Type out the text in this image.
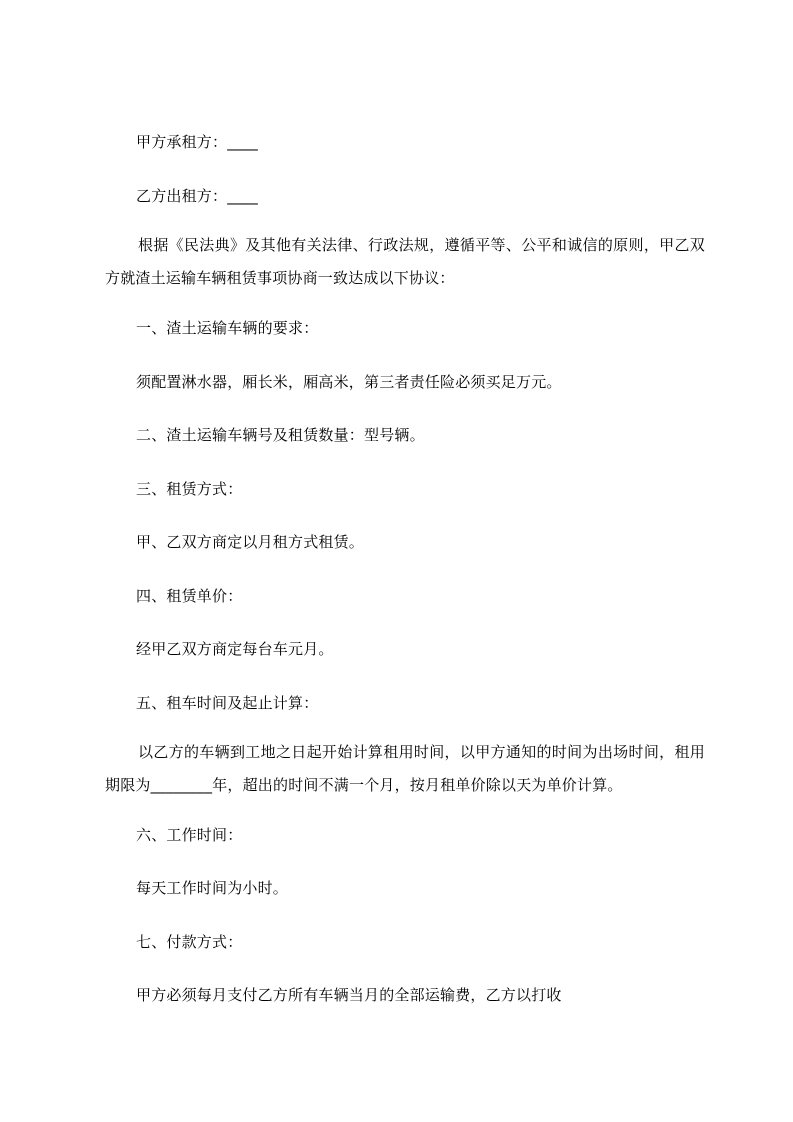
甲方承租方：____
乙方出租方：____
根据《民法典》及其他有关法律、行政法规，遵循平等、公平和诚信的原则，甲乙双方就渣土运输车辆租赁事项协商一致达成以下协议：
一、渣土运输车辆的要求：
须配置淋水器，厢长米，厢高米，第三者责任险必须买足万元。
二、渣土运输车辆号及租赁数量：型号辆。
三、租赁方式：
甲、乙双方商定以月租方式租赁。
四、租赁单价：
经甲乙双方商定每台车元月。
五、租车时间及起止计算：
以乙方的车辆到工地之日起开始计算租用时间，以甲方通知的时间为出场时间，租用期限为________年，超出的时间不满一个月，按月租单价除以天为单价计算。
六、工作时间：
每天工作时间为小时。
七、付款方式：
甲方必须每月支付乙方所有车辆当月的全部运输费，乙方以打收
